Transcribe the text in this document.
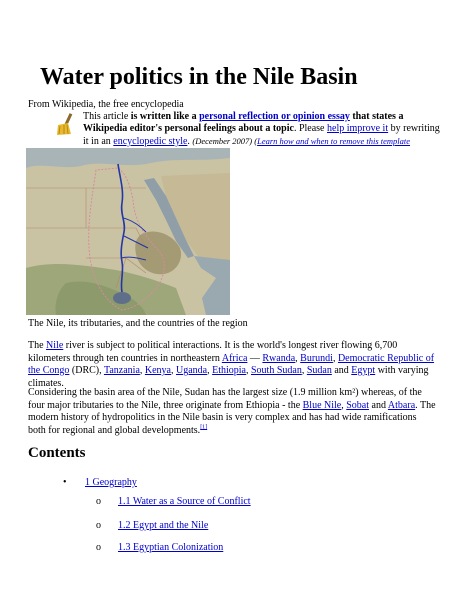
Water politics in the Nile Basin
From Wikipedia, the free encyclopedia
This article is written like a personal reflection or opinion essay that states a Wikipedia editor's personal feelings about a topic. Please help improve it by rewriting it in an encyclopedic style. (December 2007) (Learn how and when to remove this template
The Nile, its tributaries, and the countries of the region

The Nile river is subject to political interactions. It is the world's longest river flowing 6,700 kilometers through ten countries in northeastern Africa — Rwanda, Burundi, Democratic Republic of the Congo (DRC), Tanzania, Kenya, Uganda, Ethiopia, South Sudan, Sudan and Egypt with varying climates.

Considering the basin area of the Nile, Sudan has the largest size (1.9 million km²) whereas, of the four major tributaries to the Nile, three originate from Ethiopia - the Blue Nile, Sobat and Atbara. The modern history of hydropolitics in the Nile basin is very complex and has had wide ramifications both for regional and global developments.[1]

Contents
• 1 Geography
o 1.1 Water as a Source of Conflict
o 1.2 Egypt and the Nile
o 1.3 Egyptian Colonization
